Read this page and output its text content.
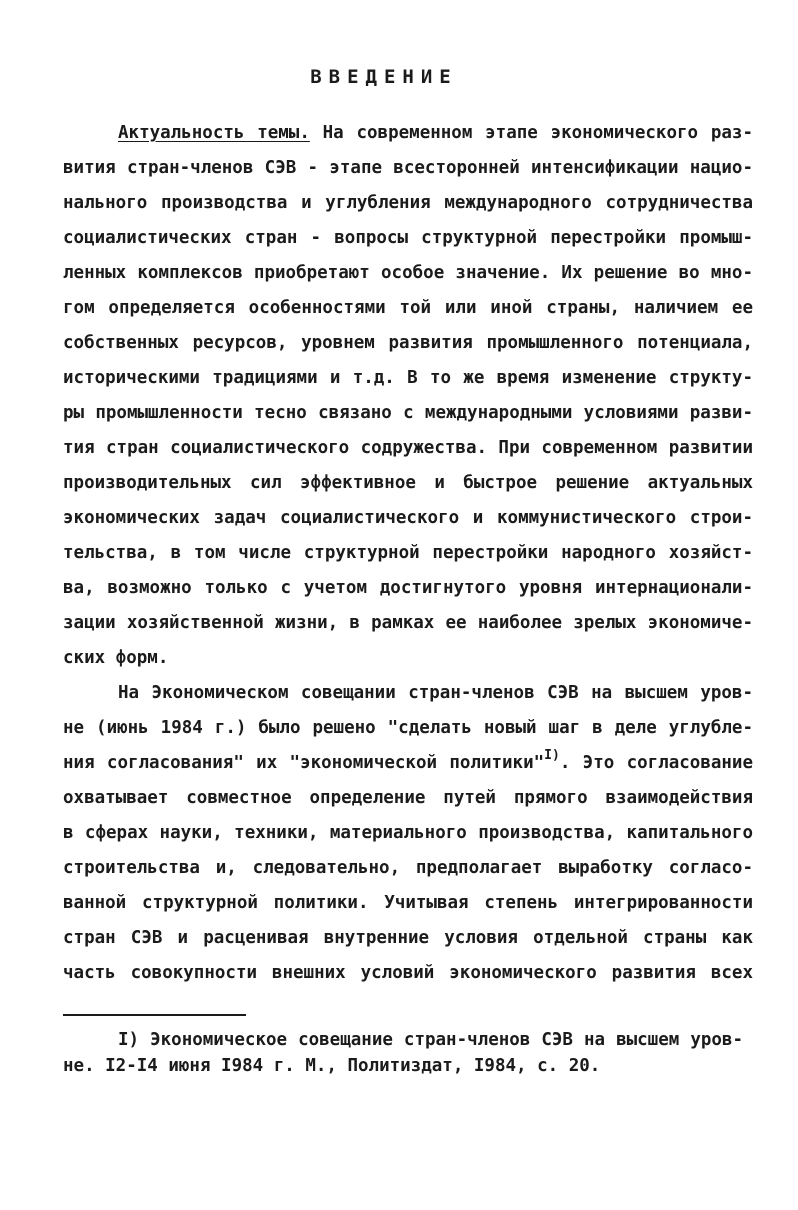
ВВЕДЕНИЕ
Актуальность темы. На современном этапе экономического раз-
вития стран-членов СЭВ - этапе всесторонней интенсификации нацио-
нального производства и углубления международного сотрудничества
социалистических стран - вопросы структурной перестройки промыш-
ленных комплексов приобретают особое значение. Их решение во мно-
гом определяется особенностями той или иной страны, наличием ее
собственных ресурсов, уровнем развития промышленного потенциала,
историческими традициями и т.д. В то же время изменение структу-
ры промышленности тесно связано с международными условиями разви-
тия стран социалистического содружества. При современном развитии
производительных сил эффективное и быстрое решение актуальных
экономических задач социалистического и коммунистического строи-
тельства, в том числе структурной перестройки народного хозяйст-
ва, возможно только с учетом достигнутого уровня интернационали-
зации хозяйственной жизни, в рамках ее наиболее зрелых экономиче-
ских форм.
На Экономическом совещании стран-членов СЭВ на высшем уров-
не (июнь 1984 г.) было решено "сделать новый шаг в деле углубле-
ния согласования" их "экономической политики"$^{I)}$. Это согласование
охватывает совместное определение путей прямого взаимодействия
в сферах науки, техники, материального производства, капитального
строительства и, следовательно, предполагает выработку согласо-
ванной структурной политики. Учитывая степень интегрированности
стран СЭВ и расценивая внутренние условия отдельной страны как
часть совокупности внешних условий экономического развития всех
I) Экономическое совещание стран-членов СЭВ на высшем уров-
не. I2-I4 июня I984 г. М., Политиздат, I984, с. 20.
